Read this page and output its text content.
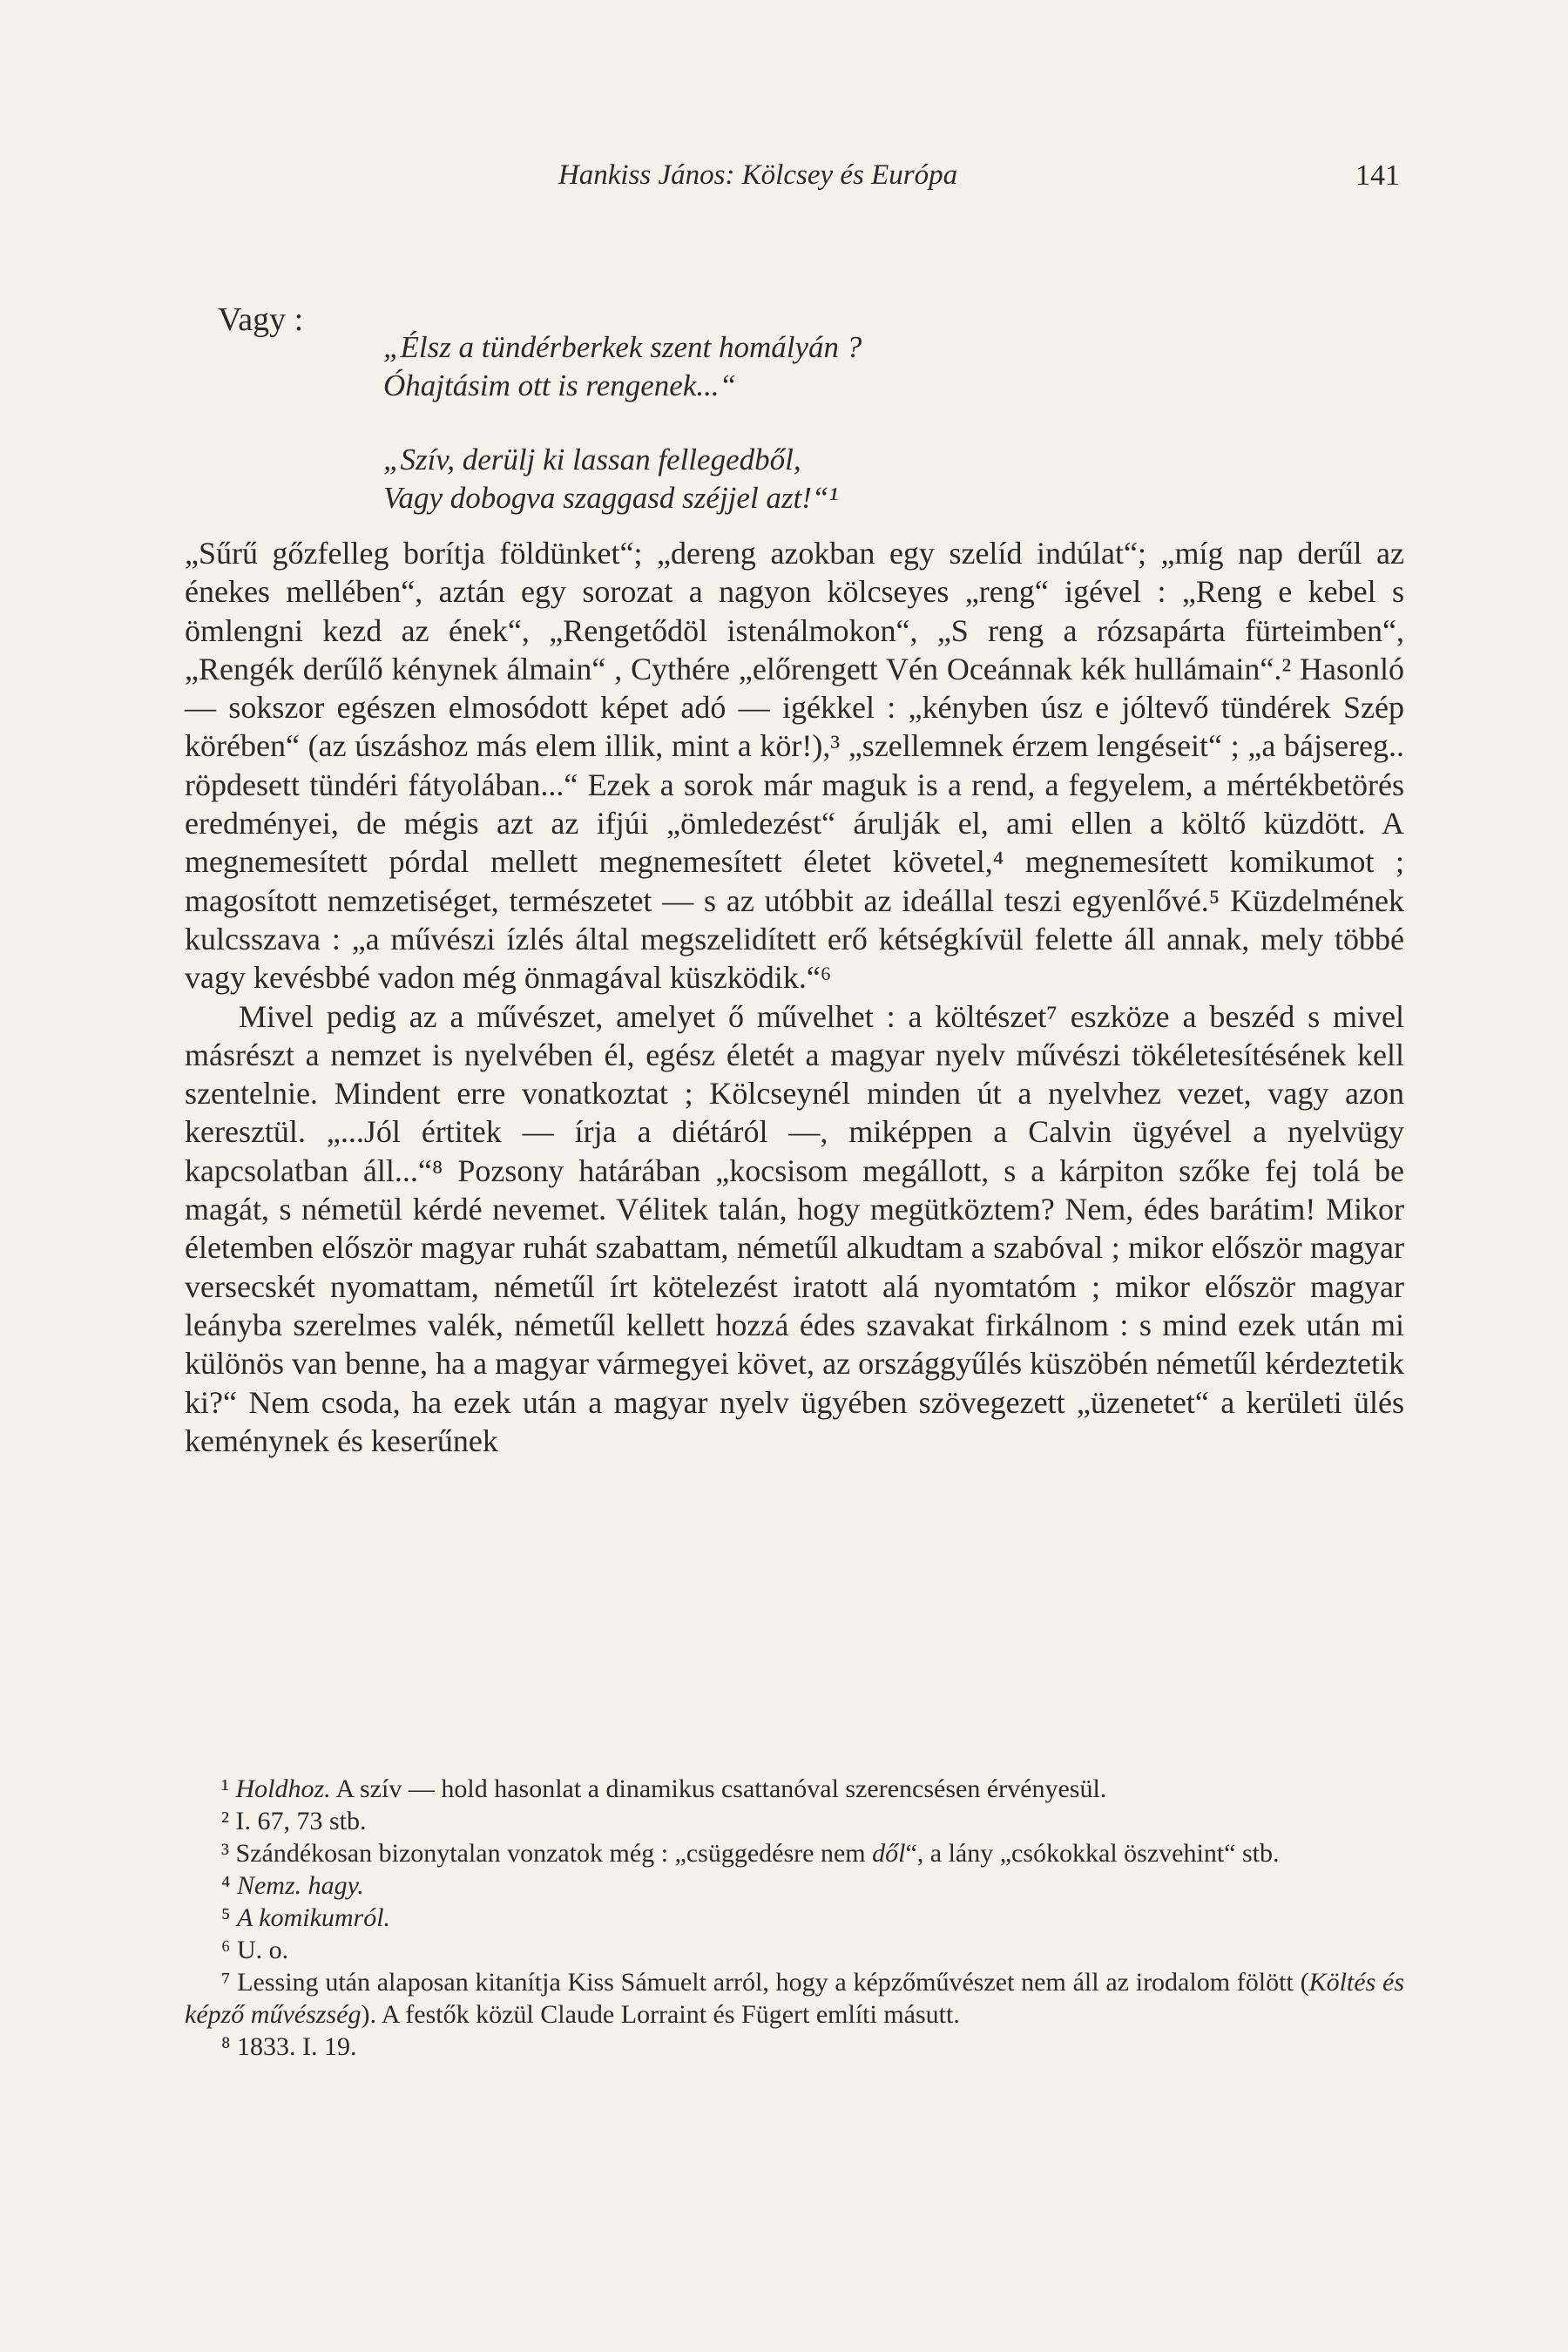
Hankiss János: Kölcsey és Európa	141
Vagy :
„Élsz a tündérberkek szent homályán ?
Óhajtásim ott is rengenek...“
„Szív, derülj ki lassan fellegedből,
Vagy dobogva szaggasd széjjel azt!“¹

„Sűrű gőzfelleg borítja földünket“; „dereng azokban egy szelíd indúlat“; „míg nap derűl az énekes mellében“, aztán egy sorozat a nagyon kölcseyes „reng“ igével : „Reng e kebel s ömlengni kezd az ének“, „Rengetődöl istenálmokon“, „S reng a rózsapárta fürteimben“, „Rengék derűlő kénynek álmain“ , Cythére „előrengett Vén Oceánnak kék hullámain“.² Hasonló — sokszor egészen elmosódott képet adó — igékkel : „kényben úsz e jóltevő tündérek Szép körében“ (az úszáshoz más elem illik, mint a kör!),³ „szellemnek érzem lengéseit“ ; „a bájsereg.. röpdesett tündéri fátyolában...“ Ezek a sorok már maguk is a rend, a fegyelem, a mértékbetörés eredményei, de mégis azt az ifjúi „ömledezést“ árulják el, ami ellen a költő küzdött. A megnemesített pórdal mellett megnemesített életet követel,⁴ megnemesített komikumot ; magosított nemzetiséget, természetet — s az utóbbit az ideállal teszi egyenlővé.⁵ Küzdelmének kulcsszava : „a művészi ízlés által megszelidített erő kétségkívül felette áll annak, mely többé vagy kevésbbé vadon még önmagával küszködik.“⁶

Mivel pedig az a művészet, amelyet ő művelhet : a költészet⁷ eszköze a beszéd s mivel másrészt a nemzet is nyelvében él, egész életét a magyar nyelv művészi tökéletesítésének kell szentelnie. Mindent erre vonatkoztat ; Kölcseynél minden út a nyelvhez vezet, vagy azon keresztül. „...Jól értitek — írja a diétáról —, miképpen a Calvin ügyével a nyelvügy kapcsolatban áll...“⁸ Pozsony határában „kocsisom megállott, s a kárpiton szőke fej tolá be magát, s németül kérdé nevemet. Vélitek talán, hogy megütköztem? Nem, édes barátim! Mikor életemben először magyar ruhát szabattam, németűl alkudtam a szabóval ; mikor először magyar versecskét nyomattam, németűl írt kötelezést iratott alá nyomtatóm ; mikor először magyar leányba szerelmes valék, németűl kellett hozzá édes szavakat firkálnom : s mind ezek után mi különös van benne, ha a magyar vármegyei követ, az országgyűlés küszöbén németűl kérdeztetik ki?“ Nem csoda, ha ezek után a magyar nyelv ügyében szövegezett „üzenetet“ a kerületi ülés keménynek és keserűnek

¹ Holdhoz. A szív — hold hasonlat a dinamikus csattanóval szerencsésen érvényesül.

² I. 67, 73 stb.

³ Szándékosan bizonytalan vonzatok még : „csüggedésre nem dől“, a lány „csókokkal öszvehint“ stb.

⁴ Nemz. hagy.

⁵ A komikumról.

⁶ U. o.

⁷ Lessing után alaposan kitanítja Kiss Sámuelt arról, hogy a képzőművészet nem áll az irodalom fölött (Költés és képző művészség). A festők közül Claude Lorraint és Fügert említi másutt.

⁸ 1833. I. 19.
